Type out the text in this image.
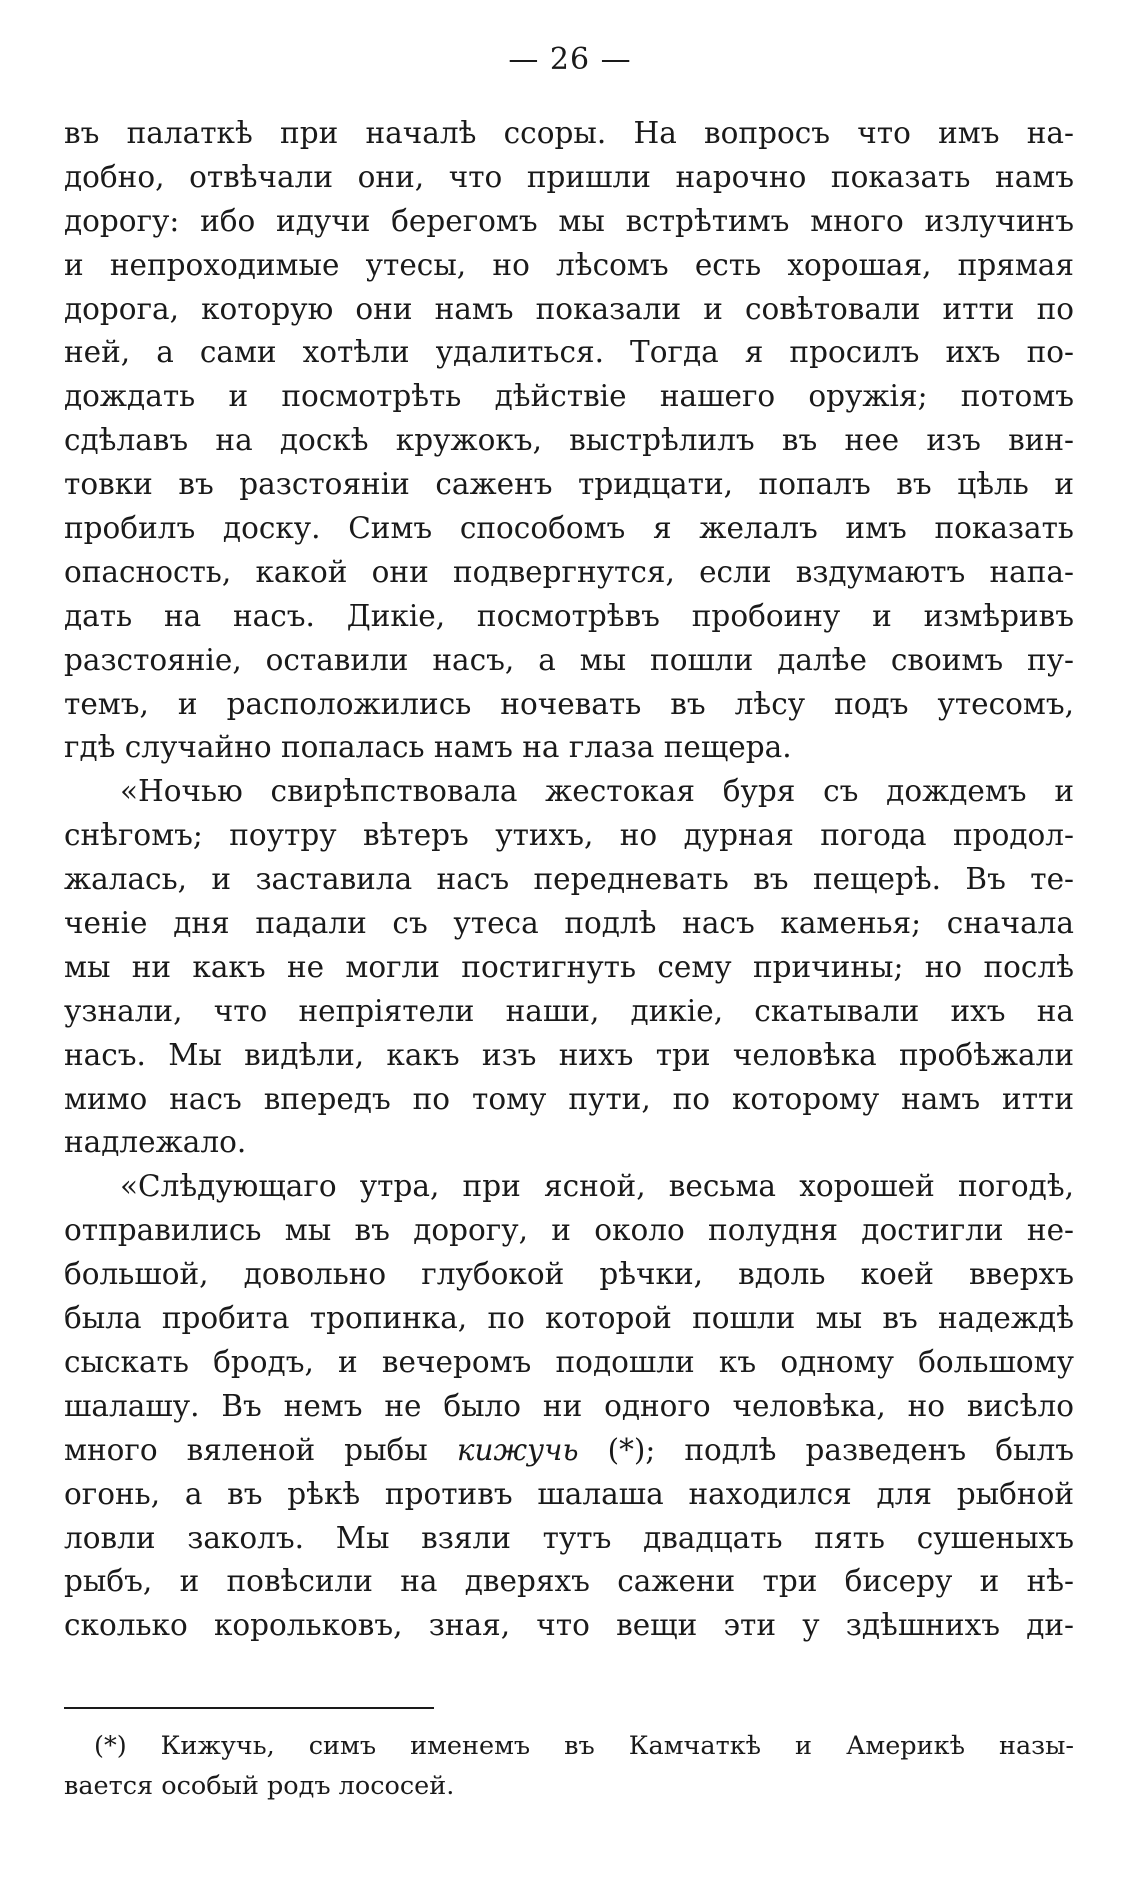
— 26 —
въ палаткѣ при началѣ ссоры. На вопросъ что имъ на-
добно, отвѣчали они, что пришли нарочно показать намъ
дорогу: ибо идучи берегомъ мы встрѣтимъ много излучинъ
и непроходимые утесы, но лѣсомъ есть хорошая, прямая
дорога, которую они намъ показали и совѣтовали итти по
ней, а сами хотѣли удалиться. Тогда я просилъ ихъ по-
дождать и посмотрѣть дѣйствіе нашего оружія; потомъ
сдѣлавъ на доскѣ кружокъ, выстрѣлилъ въ нее изъ вин-
товки въ разстояніи саженъ тридцати, попалъ въ цѣль и
пробилъ доску. Симъ способомъ я желалъ имъ показать
опасность, какой они подвергнутся, если вздумаютъ напа-
дать на насъ. Дикіе, посмотрѣвъ пробоину и измѣривъ
разстояніе, оставили насъ, а мы пошли далѣе своимъ пу-
темъ, и расположились ночевать въ лѣсу подъ утесомъ,
гдѣ случайно попалась намъ на глаза пещера.
«Ночью свирѣпствовала жестокая буря съ дождемъ и
снѣгомъ; поутру вѣтеръ утихъ, но дурная погода продол-
жалась, и заставила насъ передневать въ пещерѣ. Въ те-
ченіе дня падали съ утеса подлѣ насъ каменья; сначала
мы ни какъ не могли постигнуть сему причины; но послѣ
узнали, что непріятели наши, дикіе, скатывали ихъ на
насъ. Мы видѣли, какъ изъ нихъ три человѣка пробѣжали
мимо насъ впередъ по тому пути, по которому намъ итти
надлежало.
«Слѣдующаго утра, при ясной, весьма хорошей погодѣ,
отправились мы въ дорогу, и около полудня достигли не-
большой, довольно глубокой рѣчки, вдоль коей вверхъ
была пробита тропинка, по которой пошли мы въ надеждѣ
сыскать бродъ, и вечеромъ подошли къ одному большому
шалашу. Въ немъ не было ни одного человѣка, но висѣло
много вяленой рыбы кижучь (*); подлѣ разведенъ былъ
огонь, а въ рѣкѣ противъ шалаша находился для рыбной
ловли заколъ. Мы взяли тутъ двадцать пять сушеныхъ
рыбъ, и повѣсили на дверяхъ сажени три бисеру и нѣ-
сколько корольковъ, зная, что вещи эти у здѣшнихъ ди-
(*) Кижучь, симъ именемъ въ Камчаткѣ и Америкѣ назы-
вается особый родъ лососей.
